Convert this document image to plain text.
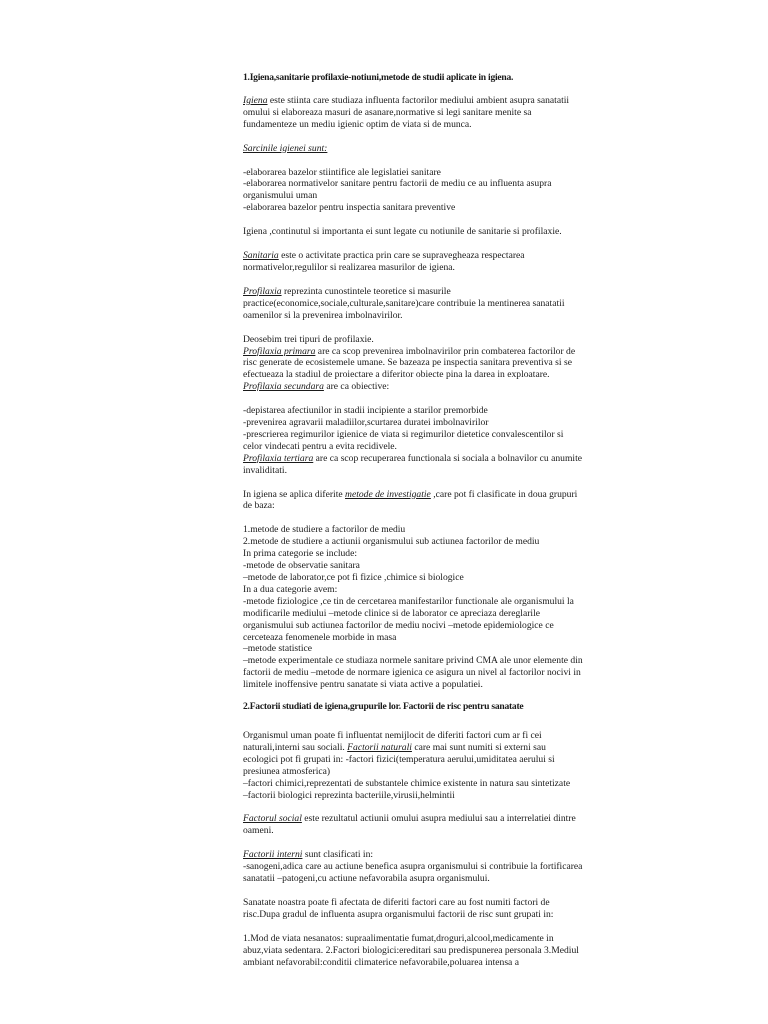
1.Igiena,sanitarie profilaxie-notiuni,metode de studii aplicate in igiena.

Igiena este stiinta care studiaza influenta factorilor mediului ambient asupra sanatatii omului si elaboreaza masuri de asanare,normative si legi sanitare menite sa fundamenteze un mediu igienic optim de viata si de munca.

Sarcinile igienei sunt:
-elaborarea bazelor stiintifice ale legislatiei sanitare
-elaborarea normativelor sanitare pentru factorii de mediu ce au influenta asupra organismului uman
-elaborarea bazelor pentru inspectia sanitara preventive

Igiena ,continutul si importanta ei sunt legate cu notiunile de sanitarie si profilaxie.

Sanitaria este o activitate practica prin care se supravegheaza respectarea normativelor,regulilor si realizarea masurilor de igiena.

Profilaxia reprezinta cunostintele teoretice si masurile practice(economice,sociale,culturale,sanitare)care contribuie la mentinerea sanatatii oamenilor si la prevenirea imbolnavirilor.

Deosebim trei tipuri de profilaxie.
Profilaxia primara are ca scop prevenirea imbolnavirilor prin combaterea factorilor de risc generate de ecosistemele umane. Se bazeaza pe inspectia sanitara preventiva si se efectueaza la stadiul de proiectare a diferitor obiecte pina la darea in exploatare.
Profilaxia secundara are ca obiective:
-depistarea afectiunilor in stadii incipiente a starilor premorbide
-prevenirea agravarii maladiilor,scurtarea duratei imbolnavirilor
-prescrierea regimurilor igienice de viata si regimurilor dietetice convalescentilor si celor vindecati pentru a evita recidivele.
Profilaxia tertiara are ca scop recuperarea functionala si sociala a bolnavilor cu anumite invaliditati.
In igiena se aplica diferite metode de investigatie ,care pot fi clasificate in doua grupuri de baza:
1.metode de studiere a factorilor de mediu
2.metode de studiere a actiunii organismului sub actiunea factorilor de mediu
In prima categorie se include:
-metode de observatie sanitara
–metode de laborator,ce pot fi fizice ,chimice si biologice
In a dua categorie avem:
-metode fiziologice ,ce tin de cercetarea manifestarilor functionale ale organismului la modificarile mediului –metode clinice si de laborator ce apreciaza dereglarile organismului sub actiunea factorilor de mediu nocivi –metode epidemiologice ce cerceteaza fenomenele morbide in masa
–metode statistice
–metode experimentale ce studiaza normele sanitare privind CMA ale unor elemente din factorii de mediu –metode de normare igienica ce asigura un nivel al factorilor nocivi in limitele inoffensive pentru sanatate si viata active a populatiei.
2.Factorii studiati de igiena,grupurile lor. Factorii de risc pentru sanatate

Organismul uman poate fi influentat nemijlocit de diferiti factori cum ar fi cei naturali,interni sau sociali. Factorii naturali care mai sunt numiti si externi sau ecologici pot fi grupati in: -factori fizici(temperatura aerului,umiditatea aerului si presiunea atmosferica)
–factori chimici,reprezentati de substantele chimice existente in natura sau sintetizate
–factorii biologici reprezinta bacteriile,virusii,helmintii

Factorul social este rezultatul actiunii omului asupra mediului sau a interrelatiei dintre oameni.

Factorii interni sunt clasificati in:
-sanogeni,adica care au actiune benefica asupra organismului si contribuie la fortificarea sanatatii –patogeni,cu actiune nefavorabila asupra organismului.

Sanatate noastra poate fi afectata de diferiti factori care au fost numiti factori de risc.Dupa gradul de influenta asupra organismului factorii de risc sunt grupati in:

1.Mod de viata nesanatos: supraalimentatie fumat,droguri,alcool,medicamente in abuz,viata sedentara. 2.Factori biologici:ereditari sau predispunerea personala 3.Mediul ambiant nefavorabil:conditii climaterice nefavorabile,poluarea intensa a
